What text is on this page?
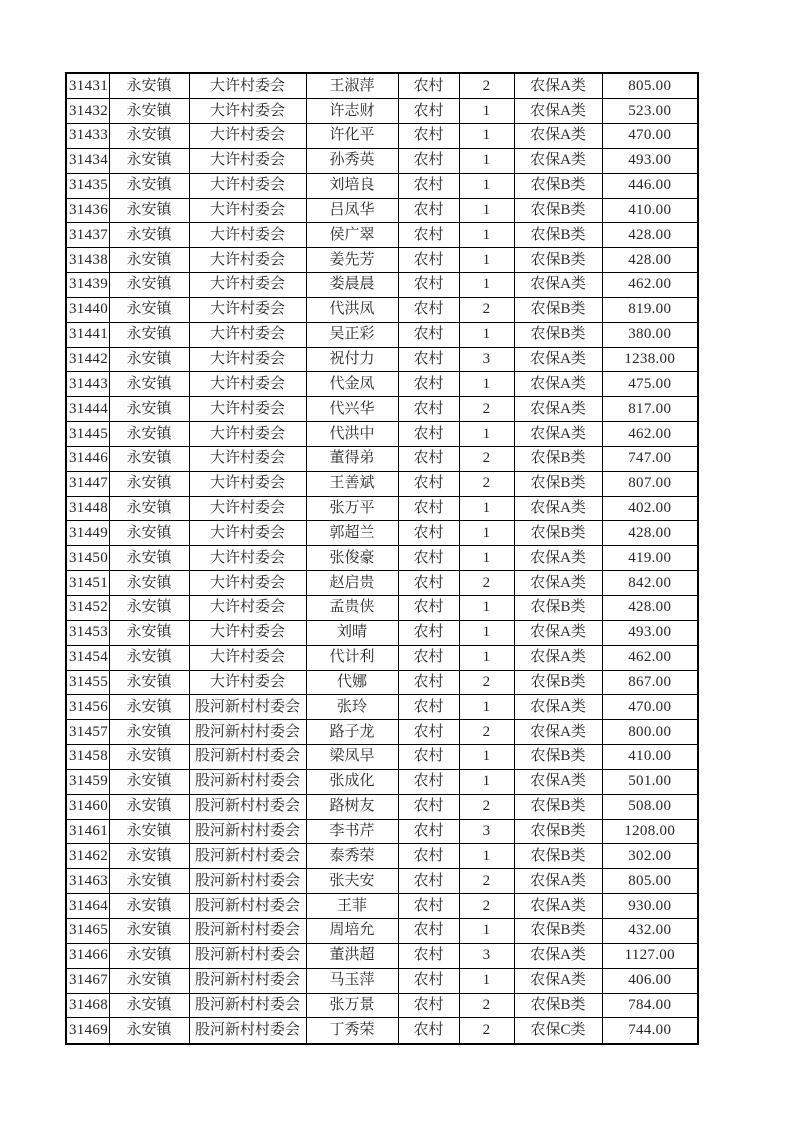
31431	永安镇	大许村委会	王淑萍	农村	2	农保A类	805.00
31432	永安镇	大许村委会	许志财	农村	1	农保A类	523.00
31433	永安镇	大许村委会	许化平	农村	1	农保A类	470.00
31434	永安镇	大许村委会	孙秀英	农村	1	农保A类	493.00
31435	永安镇	大许村委会	刘培良	农村	1	农保B类	446.00
31436	永安镇	大许村委会	吕凤华	农村	1	农保B类	410.00
31437	永安镇	大许村委会	侯广翠	农村	1	农保B类	428.00
31438	永安镇	大许村委会	姜先芳	农村	1	农保B类	428.00
31439	永安镇	大许村委会	娄晨晨	农村	1	农保A类	462.00
31440	永安镇	大许村委会	代洪凤	农村	2	农保B类	819.00
31441	永安镇	大许村委会	吴正彩	农村	1	农保B类	380.00
31442	永安镇	大许村委会	祝付力	农村	3	农保A类	1238.00
31443	永安镇	大许村委会	代金凤	农村	1	农保A类	475.00
31444	永安镇	大许村委会	代兴华	农村	2	农保A类	817.00
31445	永安镇	大许村委会	代洪中	农村	1	农保A类	462.00
31446	永安镇	大许村委会	董得弟	农村	2	农保B类	747.00
31447	永安镇	大许村委会	王善斌	农村	2	农保B类	807.00
31448	永安镇	大许村委会	张万平	农村	1	农保A类	402.00
31449	永安镇	大许村委会	郭超兰	农村	1	农保B类	428.00
31450	永安镇	大许村委会	张俊豪	农村	1	农保A类	419.00
31451	永安镇	大许村委会	赵启贵	农村	2	农保A类	842.00
31452	永安镇	大许村委会	孟贵侠	农村	1	农保B类	428.00
31453	永安镇	大许村委会	刘晴	农村	1	农保A类	493.00
31454	永安镇	大许村委会	代计利	农村	1	农保A类	462.00
31455	永安镇	大许村委会	代娜	农村	2	农保B类	867.00
31456	永安镇	股河新村村委会	张玲	农村	1	农保A类	470.00
31457	永安镇	股河新村村委会	路子龙	农村	2	农保A类	800.00
31458	永安镇	股河新村村委会	梁凤早	农村	1	农保B类	410.00
31459	永安镇	股河新村村委会	张成化	农村	1	农保A类	501.00
31460	永安镇	股河新村村委会	路树友	农村	2	农保B类	508.00
31461	永安镇	股河新村村委会	李书芹	农村	3	农保B类	1208.00
31462	永安镇	股河新村村委会	泰秀荣	农村	1	农保B类	302.00
31463	永安镇	股河新村村委会	张夫安	农村	2	农保A类	805.00
31464	永安镇	股河新村村委会	王菲	农村	2	农保A类	930.00
31465	永安镇	股河新村村委会	周培允	农村	1	农保B类	432.00
31466	永安镇	股河新村村委会	董洪超	农村	3	农保A类	1127.00
31467	永安镇	股河新村村委会	马玉萍	农村	1	农保A类	406.00
31468	永安镇	股河新村村委会	张万景	农村	2	农保B类	784.00
31469	永安镇	股河新村村委会	丁秀荣	农村	2	农保C类	744.00
